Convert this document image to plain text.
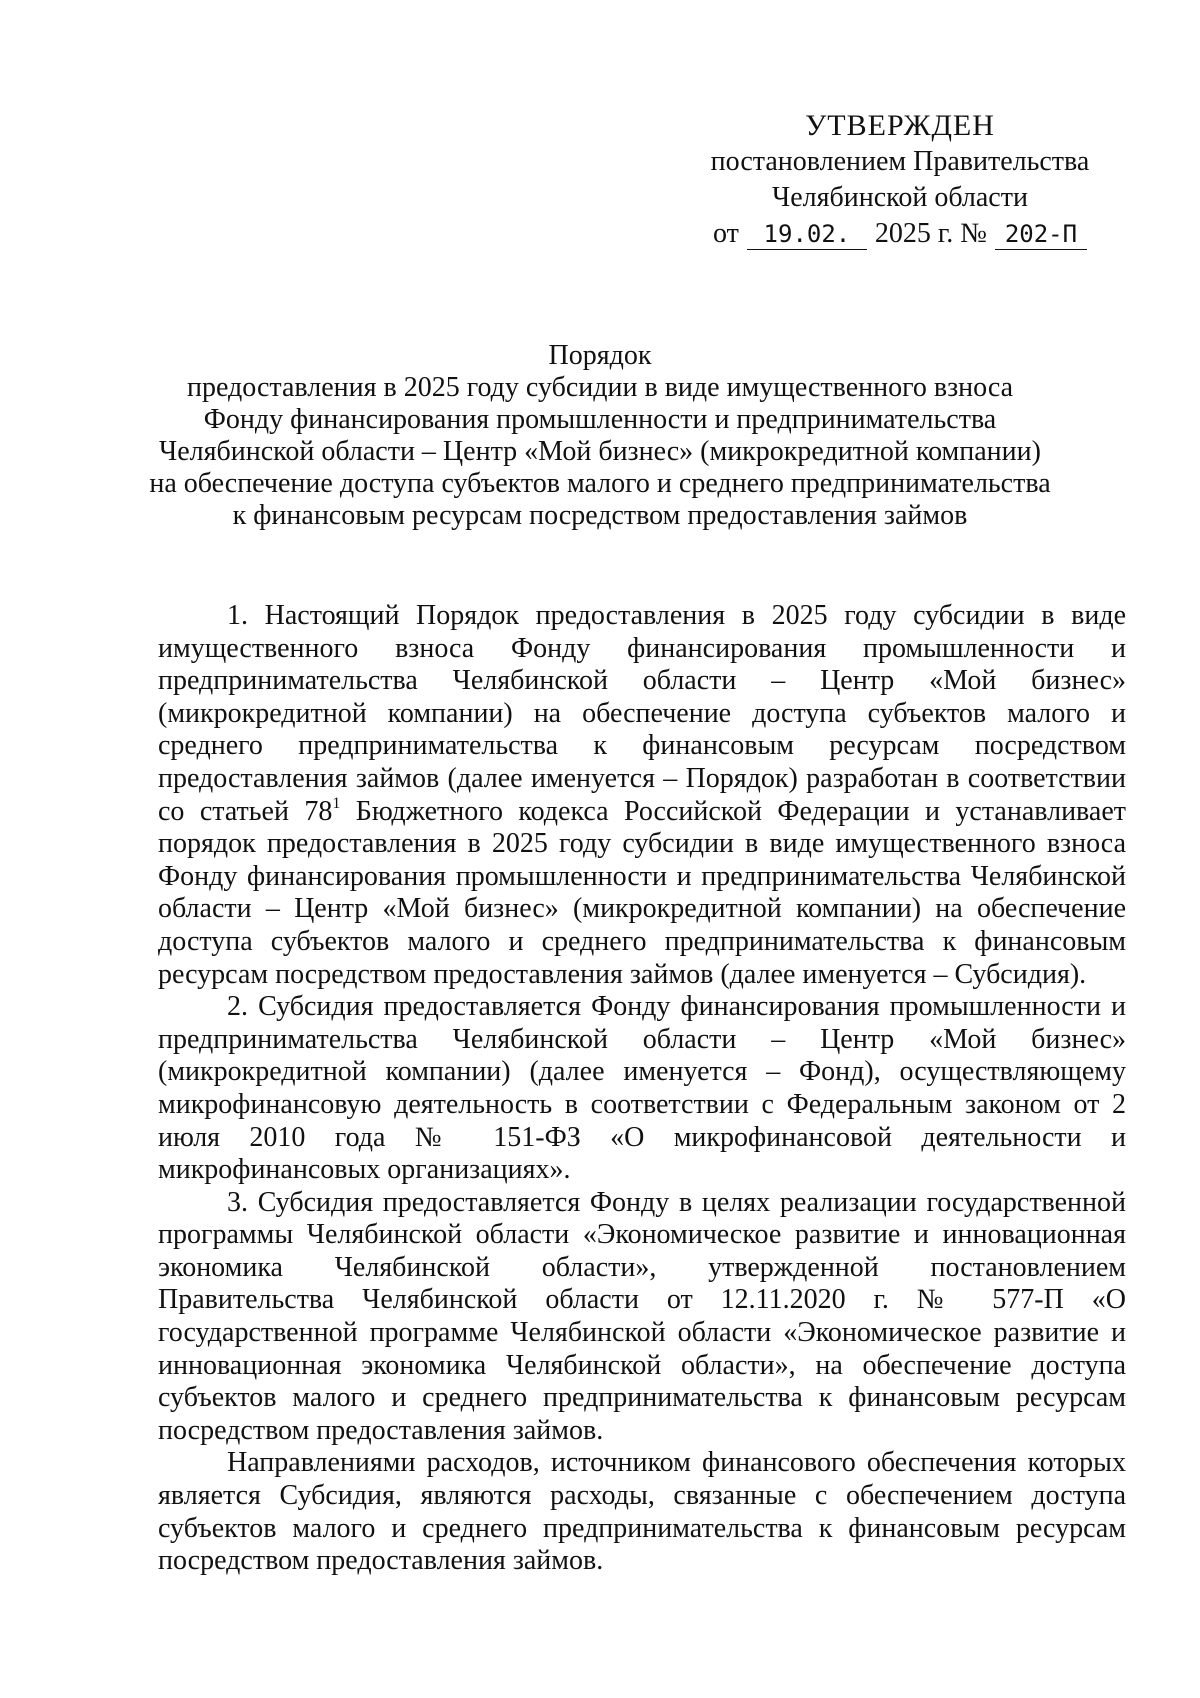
УТВЕРЖДЕН
постановлением Правительства
Челябинской области
от	19.02. 2025 г. № 202-П
Порядок
предоставления в 2025 году субсидии в виде имущественного взноса
Фонду финансирования промышленности и предпринимательства
Челябинской области – Центр «Мой бизнес» (микрокредитной компании)
на обеспечение доступа субъектов малого и среднего предпринимательства
к финансовым ресурсам посредством предоставления займов

1. Настоящий Порядок предоставления в 2025 году субсидии в виде имущественного взноса Фонду финансирования промышленности и предпринимательства Челябинской области – Центр «Мой бизнес» (микрокредитной компании) на обеспечение доступа субъектов малого и среднего предпринимательства к финансовым ресурсам посредством предоставления займов (далее именуется – Порядок) разработан в соответствии со статьей $78^1$ Бюджетного кодекса Российской Федерации и устанавливает порядок предоставления в 2025 году субсидии в виде имущественного взноса Фонду финансирования промышленности и предпринимательства Челябинской области – Центр «Мой бизнес» (микрокредитной компании) на обеспечение доступа субъектов малого и среднего предпринимательства к финансовым ресурсам посредством предоставления займов (далее именуется – Субсидия).

2. Субсидия предоставляется Фонду финансирования промышленности и предпринимательства Челябинской области – Центр «Мой бизнес» (микрокредитной компании) (далее именуется – Фонд), осуществляющему микрофинансовую деятельность в соответствии с Федеральным законом от 2 июля 2010 года № 151-ФЗ «О микрофинансовой деятельности и микрофинансовых организациях».

3. Субсидия предоставляется Фонду в целях реализации государственной программы Челябинской области «Экономическое развитие и инновационная экономика Челябинской области», утвержденной постановлением Правительства Челябинской области от 12.11.2020 г. № 577-П «О государственной программе Челябинской области «Экономическое развитие и инновационная экономика Челябинской области», на обеспечение доступа субъектов малого и среднего предпринимательства к финансовым ресурсам посредством предоставления займов.

Направлениями расходов, источником финансового обеспечения которых является Субсидия, являются расходы, связанные с обеспечением доступа субъектов малого и среднего предпринимательства к финансовым ресурсам посредством предоставления займов.
